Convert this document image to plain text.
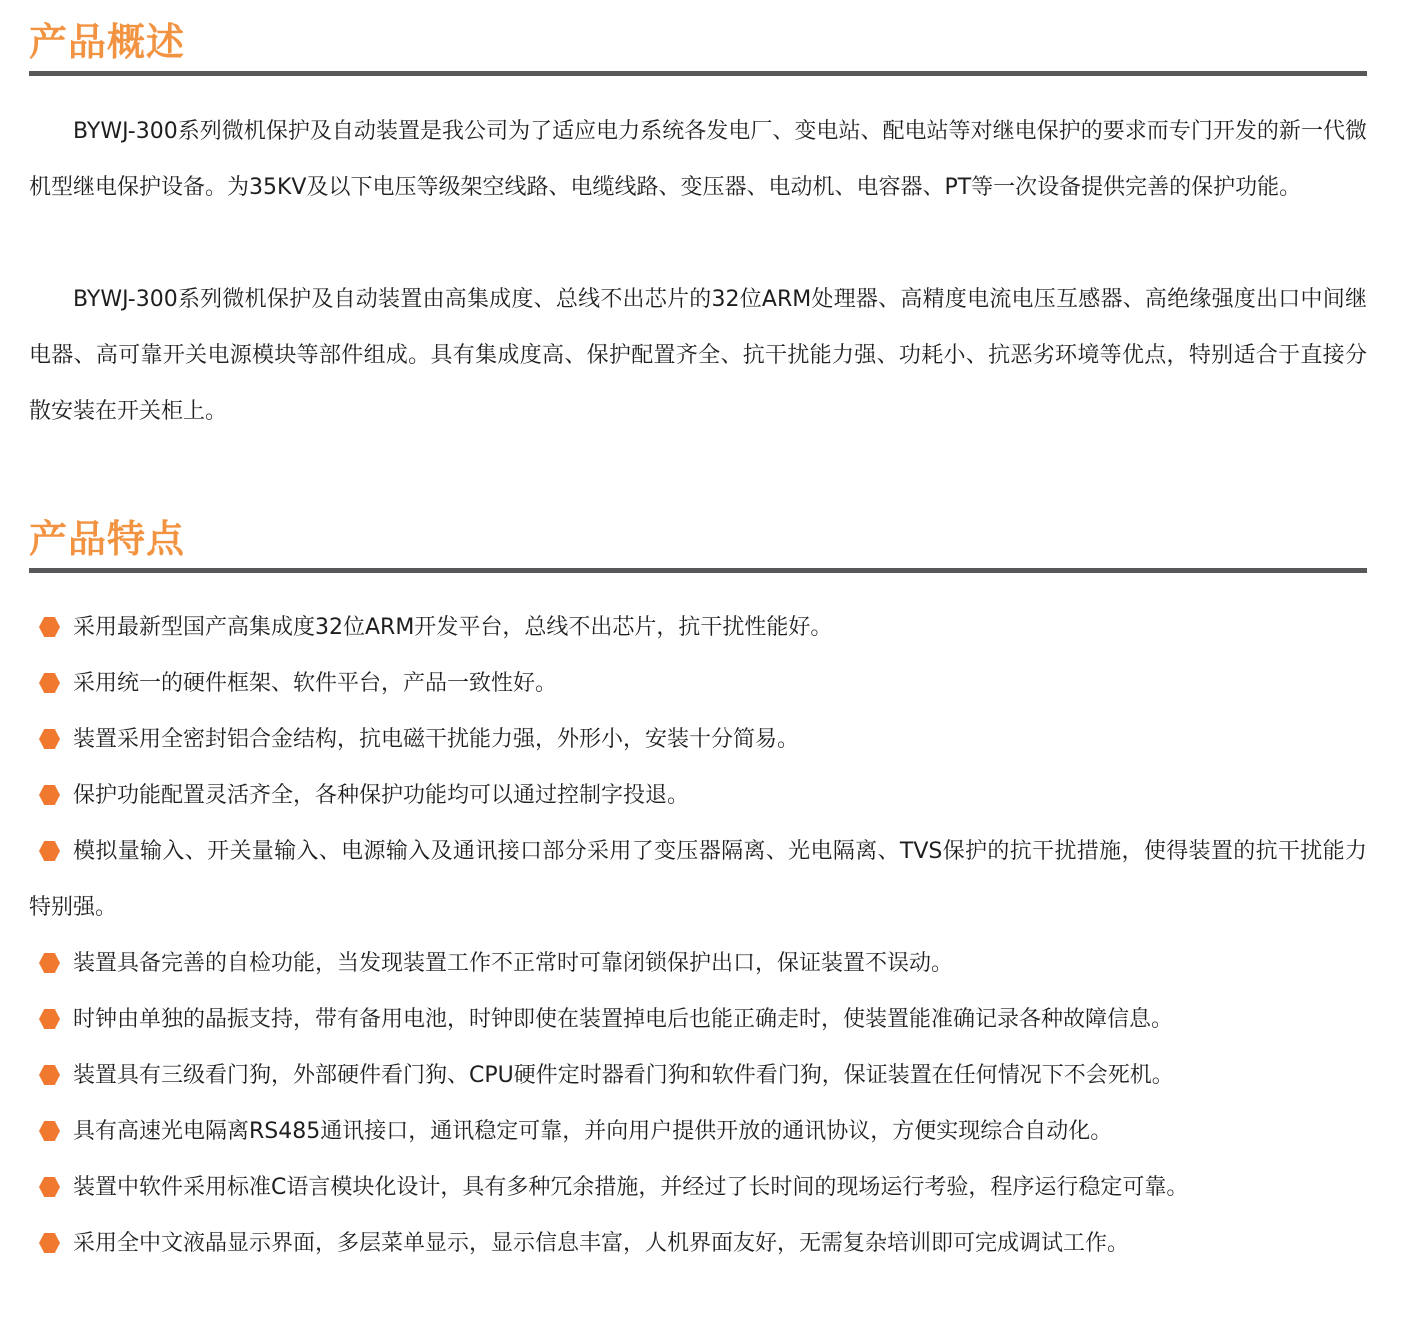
产品概述

BYWJ-300系列微机保护及自动装置是我公司为了适应电力系统各发电厂、变电站、配电站等对继电保护的要求而专门开发的新一代微机型继电保护设备。为35KV及以下电压等级架空线路、电缆线路、变压器、电动机、电容器、PT等一次设备提供完善的保护功能。

BYWJ-300系列微机保护及自动装置由高集成度、总线不出芯片的32位ARM处理器、高精度电流电压互感器、高绝缘强度出口中间继电器、高可靠开关电源模块等部件组成。具有集成度高、保护配置齐全、抗干扰能力强、功耗小、抗恶劣环境等优点，特别适合于直接分散安装在开关柜上。

产品特点
采用最新型国产高集成度32位ARM开发平台，总线不出芯片，抗干扰性能好。
采用统一的硬件框架、软件平台，产品一致性好。
装置采用全密封铝合金结构，抗电磁干扰能力强，外形小，安装十分简易。
保护功能配置灵活齐全，各种保护功能均可以通过控制字投退。
模拟量输入、开关量输入、电源输入及通讯接口部分采用了变压器隔离、光电隔离、TVS保护的抗干扰措施，使得装置的抗干扰能力特别强。
装置具备完善的自检功能，当发现装置工作不正常时可靠闭锁保护出口，保证装置不误动。
时钟由单独的晶振支持，带有备用电池，时钟即使在装置掉电后也能正确走时，使装置能准确记录各种故障信息。
装置具有三级看门狗，外部硬件看门狗、CPU硬件定时器看门狗和软件看门狗，保证装置在任何情况下不会死机。
具有高速光电隔离RS485通讯接口，通讯稳定可靠，并向用户提供开放的通讯协议，方便实现综合自动化。
装置中软件采用标准C语言模块化设计，具有多种冗余措施，并经过了长时间的现场运行考验，程序运行稳定可靠。
采用全中文液晶显示界面，多层菜单显示，显示信息丰富，人机界面友好，无需复杂培训即可完成调试工作。
